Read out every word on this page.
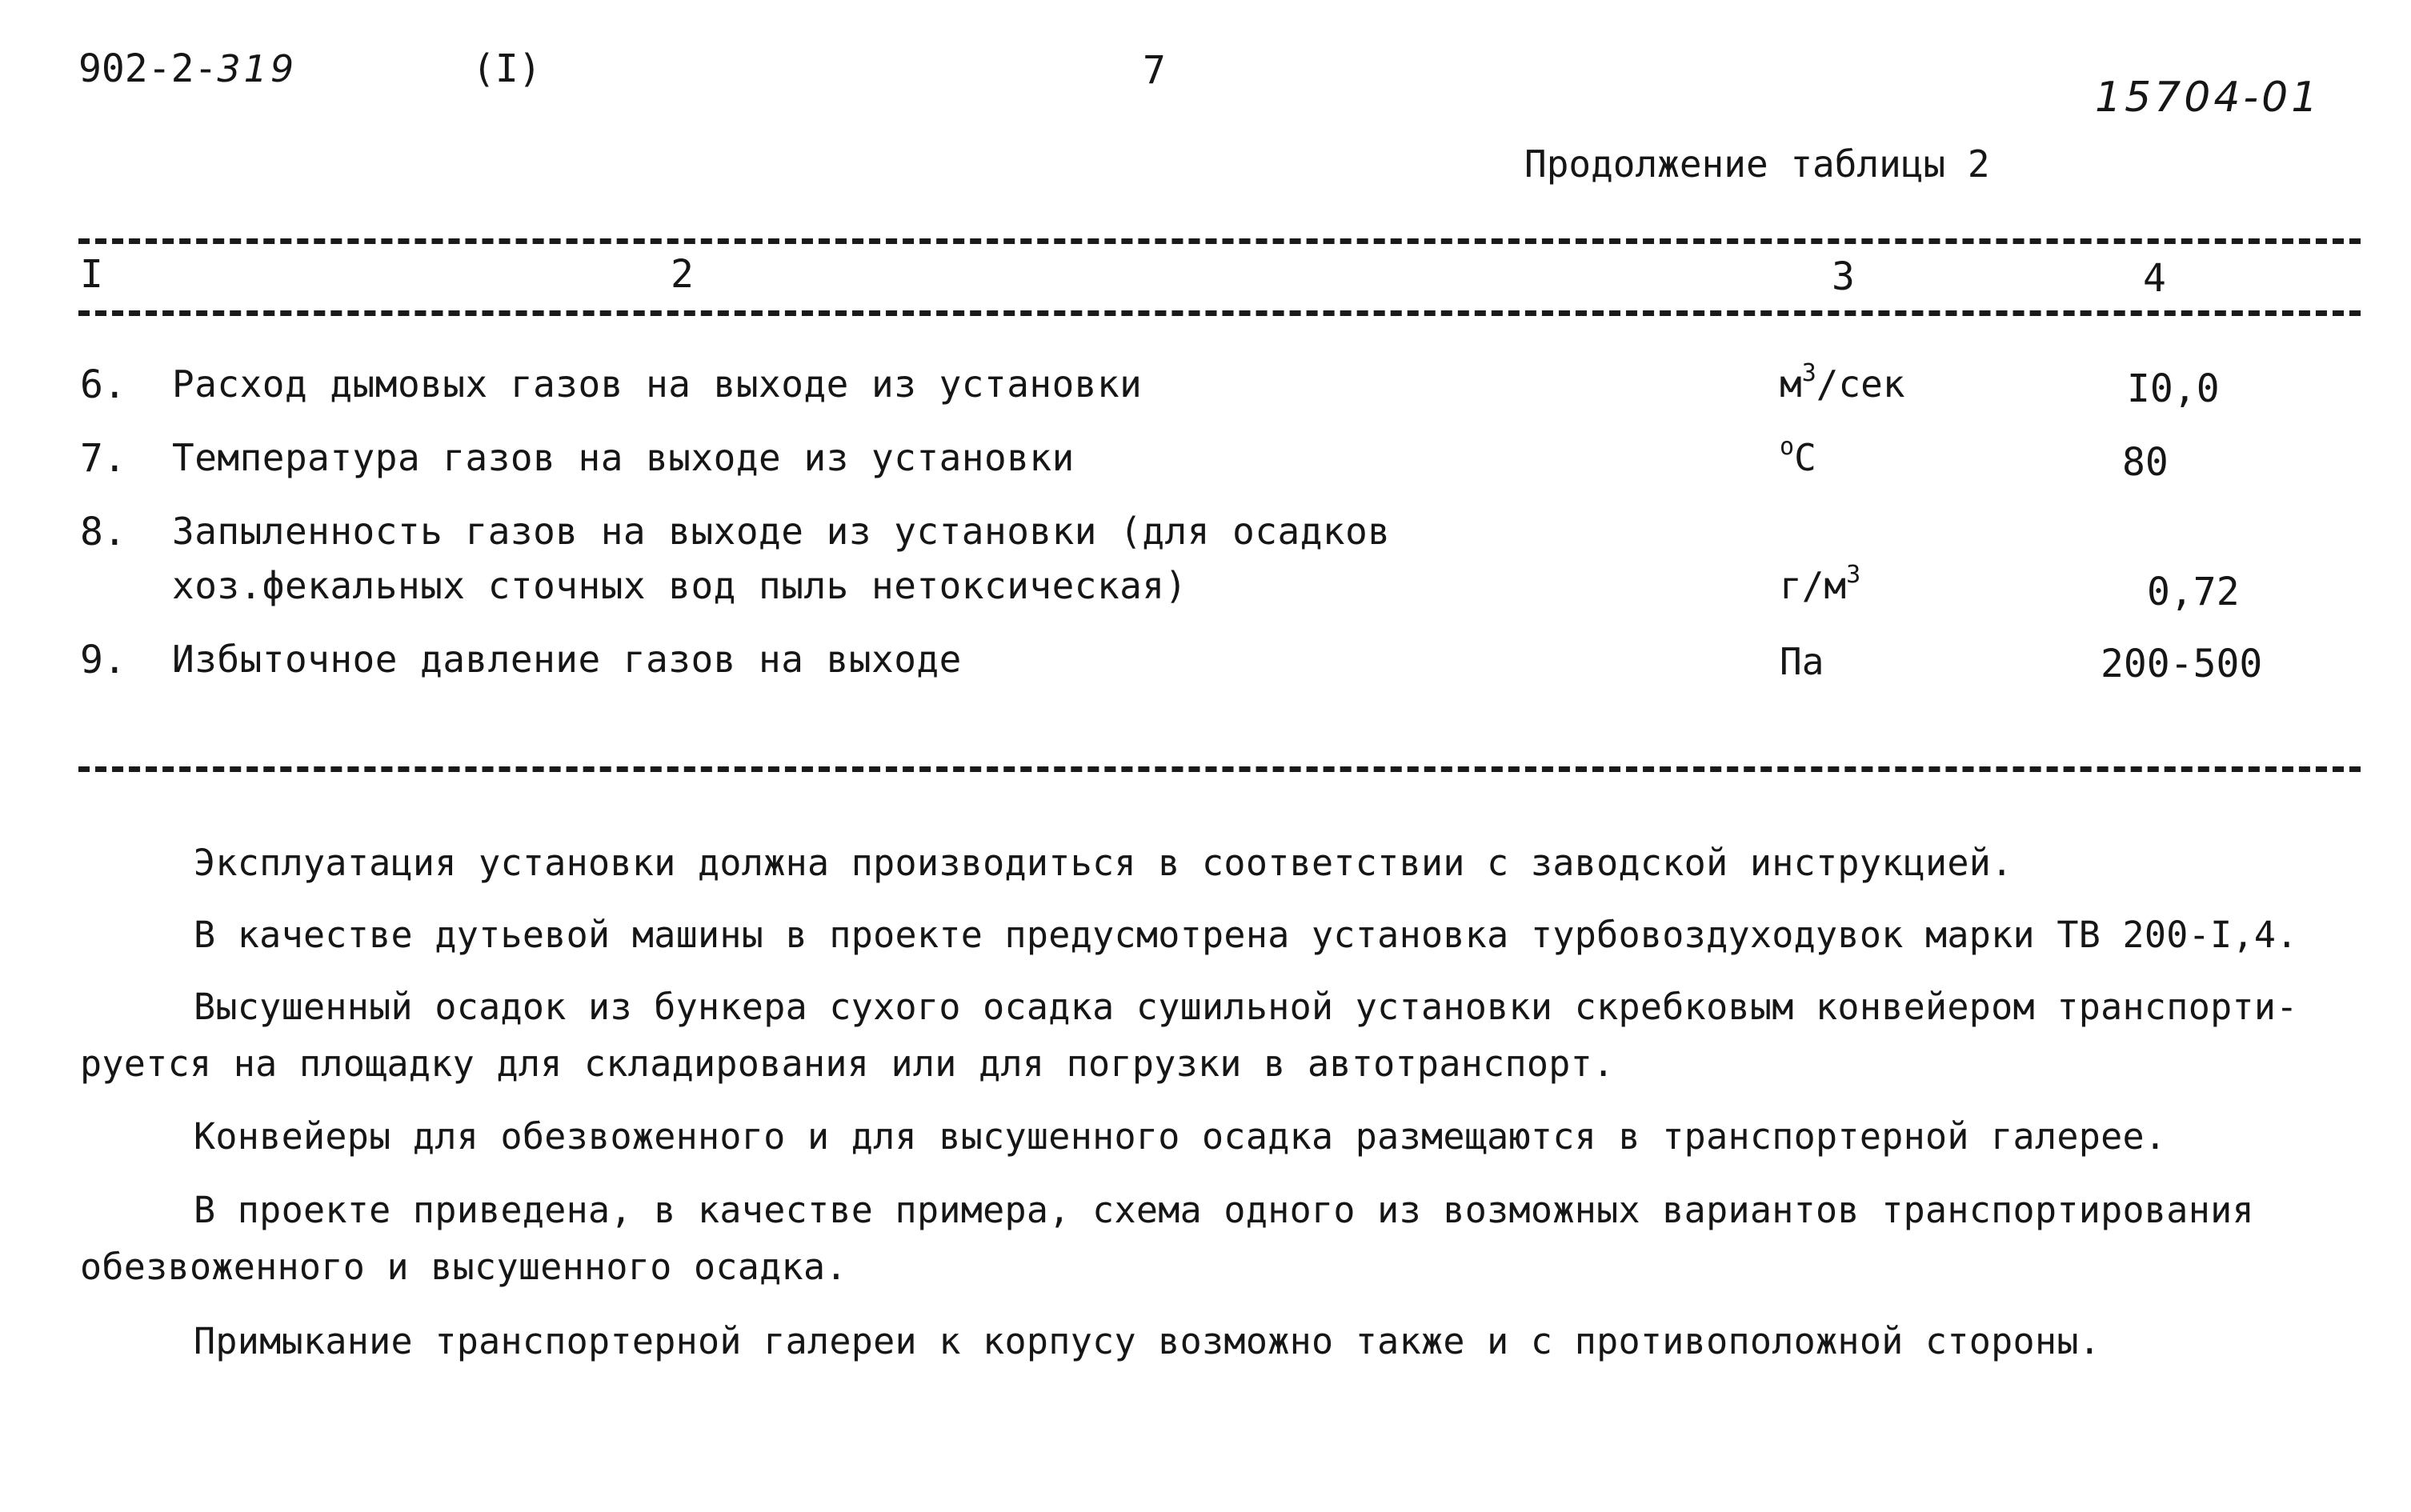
902-2-319	(I)	7
15704-01
Продолжение таблицы 2
I	2	3	4
6. Расход дымовых газов на выходе из установки	$м^3$/сек	I0,0
7. Температура газов на выходе из установки	$^о$С	80
8. Запыленность газов на выходе из установки (для осадков
хоз.фекальных сточных вод пыль нетоксическая)	$г/м^3$	0,72
9. Избыточное давление газов на выходе	Па	200-500
Эксплуатация установки должна производиться в соответствии с заводской инструкцией.
В качестве дутьевой машины в проекте предусмотрена установка турбовоздуходувок марки ТВ 200-I,4.
Высушенный осадок из бункера сухого осадка сушильной установки скребковым конвейером транспорти-
руется на площадку для складирования или для погрузки в автотранспорт.
Конвейеры для обезвоженного и для высушенного осадка размещаются в транспортерной галерее.
В проекте приведена, в качестве примера, схема одного из возможных вариантов транспортирования
обезвоженного и высушенного осадка.
Примыкание транспортерной галереи к корпусу возможно также и с противоположной стороны.
